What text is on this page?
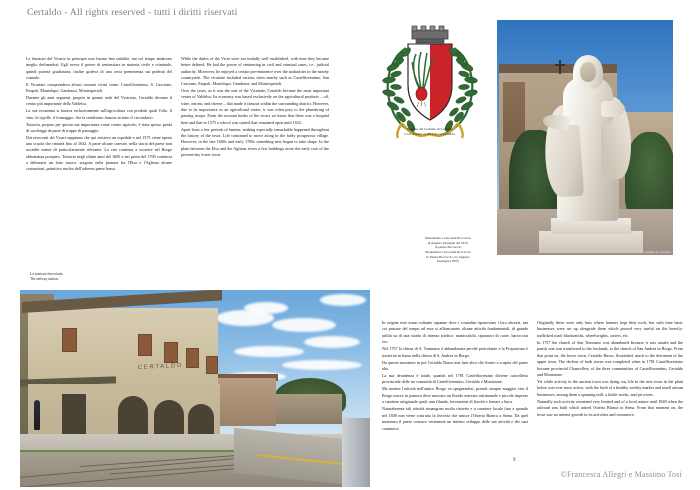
Certaldo - All rights reserved - tutti i diritti riservati

Le funzioni del Vicario in principio non furono ben stabilite, ma col tempo andarono meglio definendosi. Egli aveva il potere di sentenziare in materia civile e criminale, quindi potestà giudiziaria; inoltre godeva di una certa preminenza sui podestà del contado.

Il Vicariato comprendeva alcuni comuni vicini come: Castelfiorentino, S. Casciano, Empoli, Montelupo, Gambassi, Montespertoli.

Durante gli anni seguenti, proprio in quanto sede del Vicariato, Certaldo divenne il centro più importante della Valdelsa.

La sua economia si basava esclusivamente sull'agricoltura con prodotti quali l'olio, il vino, le cipolle, il formaggio, che la rendevano famosa in tutto il circondario.

Tuttavia, proprio per questa sua importanza come centro agricolo, è stata spesso preda di saccheggi da parte di truppe di passaggio.

Dai resoconti dei Vicari sappiamo che qui esisteva un ospedale e nel 1575 viene aperta una scuola che rimarrà fino al 1632. A parte alcune carestie, nella storia del paese non accadde niente di particolarmente rilevante. La vita continua a scorrere nel Borgo abbastanza prospero. Tuttavia negli ultimi anni del 1600 e nei primi del 1700 comincia a delinearsi un fatto nuovo: sorgono nella pianura fra l'Elsa e l'Agliena alcune costruzioni, primitivo nucleo dell'odierno paese basso.

While the duties of the Vicar were not initially well established, with time they became better defined. He had the power of sentencing in civil and criminal cases, i.e., judicial authority. Moreover, he enjoyed a certain pre-eminence over the authorities in the nearby countryside. The vicariate included various cities nearby such as Castelfiorentino, San Casciano, Empoli, Montelupo, Gambassi, and Montespertoli.

Over the years, as it was the seat of the Vicariate, Certaldo became the most important center of Valdelsa. Its economy was based exclusively on the agricultural products – oil, wine, onions, and cheese – that made it famous within the surrounding district. However, due to its importance as an agricultural center, it was often prey to the plundering of passing troops. From the account books of the vicars we know that there was a hospital here and that in 1575 a school was started that remained open until 1632.

Apart from a few periods of famine, nothing especially remarkable happened throughout the history of the town. Life continued to move along in the fairly prosperous village. However, in the late 1600s and early 1700s something new began to take shape. In the plain between the Elsa and the Agliena rivers a few buildings arose the early core of the present-day lower town.

Stemma del Comune di Certaldo.
Coat of arms of the City of Certaldo.
© Comune di Certaldo
Monumento a Giovanni Boccaccio
di Augusto Passaglia del 1879,
in piazza Boccaccio
Monument to Giovanni Boccaccio
in Piazza Boccaccio, by Augusto
Passaglia (1879)
La stazione ferroviaria.
The railway station.
CERTALDO

In origine esse erano soltanto capanne dove i contadini riponevano i loro attrezzi, ma coi passare del tempo ad esse si affiancarono alcune attività fondamentali, di grande utilità su di una strada di intenso traffico: maniscalchi, riparatori di ruote, barrocciai ecc.

Nel 1757 la chiesa di S. Tommaso è abbandonata perché pericolante e la Propositura è trasferita in basso nella chiesa di S. Andrea in Borgo.

Da questo momento in poi Certaldo Basso non farà altro che fiorire a scapito del paese alto.

La sua decadenza è totale, quando nel 1781 Castelfiorentino diviene cancelleria provinciale delle tre comunità di Castelfiorentino, Certaldo e Montaione.

Ma mentre l'attività nell'antico Borgo va spegnendosi, prende sempre maggior vita il Borgo nuovo in pianura dove nascono un florido mercato settimanale e piccole imprese a carattere artigianale quali: una filanda, lavorazioni di fiaschi e fornaci a buca.

Naturalmente tali attività rimangono molto ristrette e a carattere locale fino a quando nel 1849 non viene costruita la ferrovia che unisce l'Osteria Bianca a Siena. Da quel momento il paese conosce veramente un intenso sviluppo delle sue attività e dei suoi commerci.

Originally these were only huts where farmers kept their tools, but with time basic businesses were set up alongside them which proved very useful on the heavily-trafficked road: blacksmiths, wheelwrights, carters, etc.

In 1757 the church of San Tommaso was abandoned because it was unsafe and the parish seat was transferred to the lowlands, to the church of San Andrea in Borgo. From that point on, the lower town, Certaldo Basso, flourished, much to the detriment of the upper town. The decline of both towns was completed when in 1781 Castelfiorentino became provincial Chancellery of the three communities of Castelfiorentino, Certaldo and Montaione.

Yet while activity in the ancient town was dying out, life in the new town in the plain below was ever more active, with the birth of a healthy weekly market and small artisan businesses, among them a spinning mill, a bottle works, and pit ovens.

Naturally such activity remained very limited and of a local nature until 1849 when the railroad was built which united Osteria Bianca to Siena. From that moment on, the town saw an intense growth in its activities and commerce.

9
©Francesca Allegri e Massimo Tosi
